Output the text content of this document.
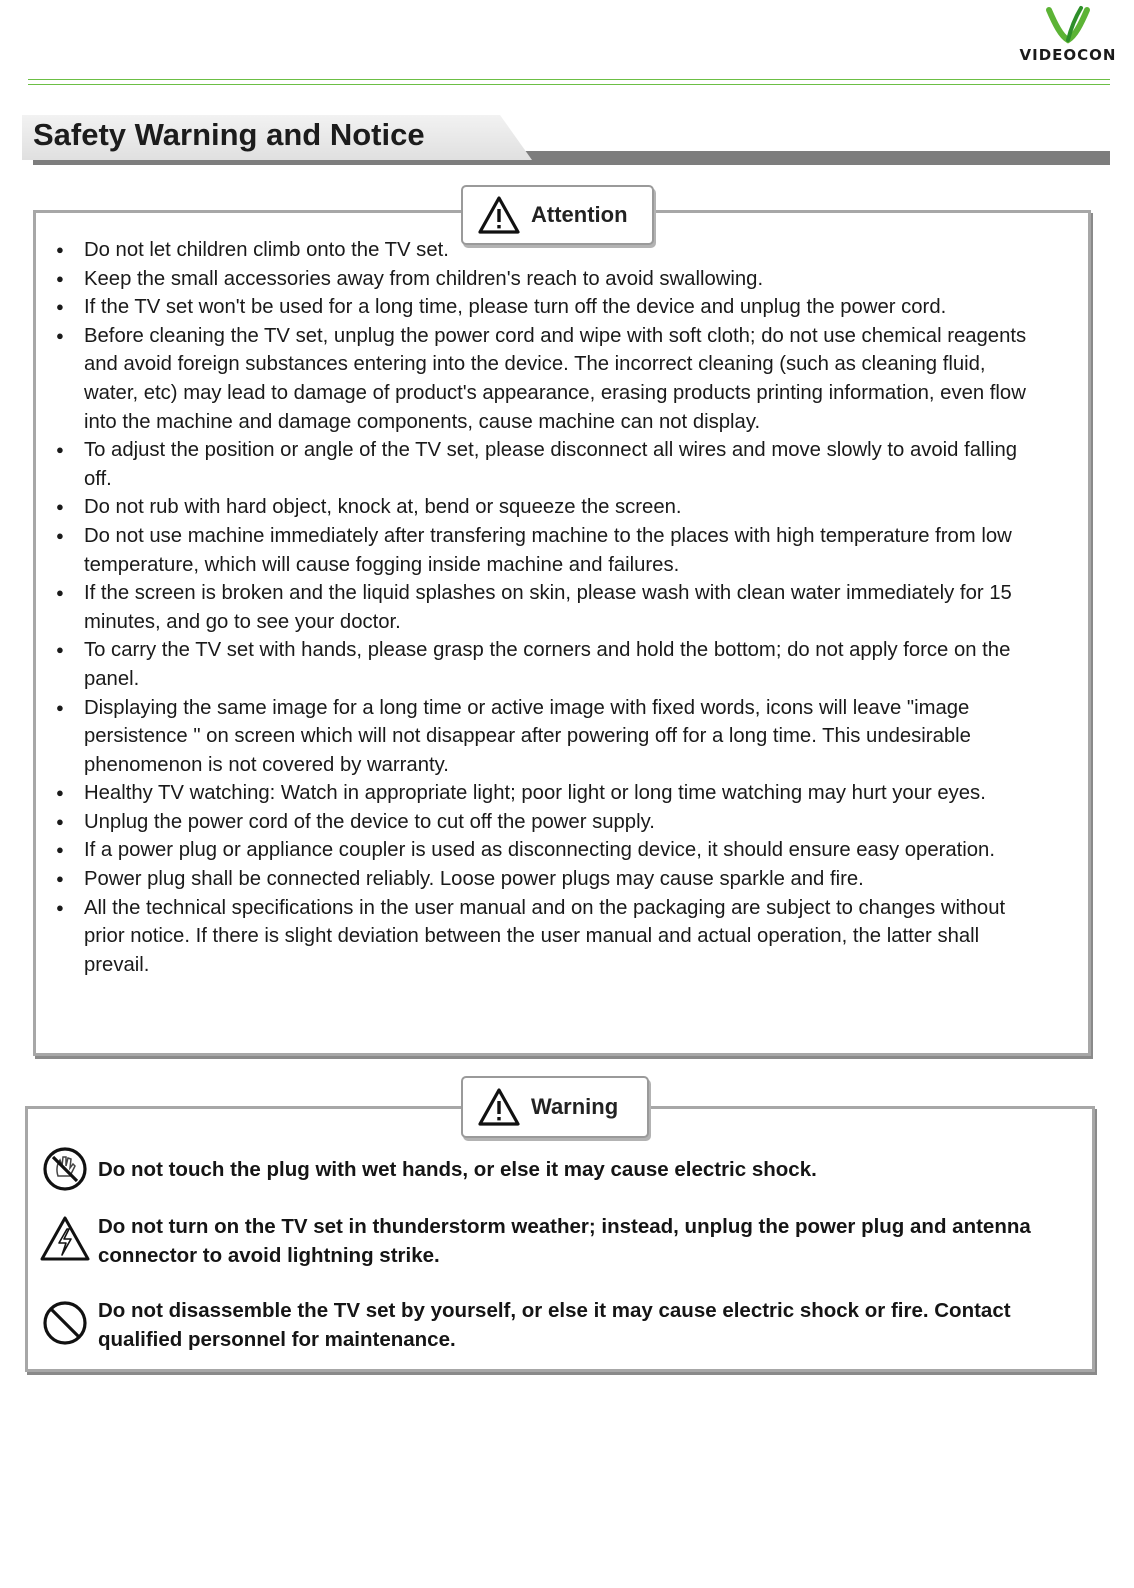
VIDEOCON
Safety Warning and Notice
Attention
● Do not let children climb onto the TV set.
● Keep the small accessories away from children's reach to avoid swallowing.
● If the TV set won't be used for a long time, please turn off the device and unplug the power cord.
● Before cleaning the TV set, unplug the power cord and wipe with soft cloth; do not use chemical reagents and avoid foreign substances entering into the device. The incorrect cleaning (such as cleaning fluid, water, etc) may lead to damage of product's appearance, erasing products printing information, even flow into the machine and damage components, cause machine can not display.
● To adjust the position or angle of the TV set, please disconnect all wires and move slowly to avoid falling off.
● Do not rub with hard object, knock at, bend or squeeze the screen.
● Do not use machine immediately after transfering machine to the places with high temperature from low temperature, which will cause fogging inside machine and failures.
● If the screen is broken and the liquid splashes on skin, please wash with clean water immediately for 15 minutes, and go to see your doctor.
● To carry the TV set with hands, please grasp the corners and hold the bottom; do not apply force on the panel.
● Displaying the same image for a long time or active image with fixed words, icons will leave "image persistence " on screen which will not disappear after powering off for a long time. This undesirable phenomenon is not covered by warranty.
● Healthy TV watching: Watch in appropriate light; poor light or long time watching may hurt your eyes.
● Unplug the power cord of the device to cut off the power supply.
● If a power plug or appliance coupler is used as disconnecting device, it should ensure easy operation.
● Power plug shall be connected reliably. Loose power plugs may cause sparkle and fire.
● All the technical specifications in the user manual and on the packaging are subject to changes without prior notice. If there is slight deviation between the user manual and actual operation, the latter shall prevail.
Warning
Do not touch the plug with wet hands, or else it may cause electric shock.
Do not turn on the TV set in thunderstorm weather; instead, unplug the power plug and antenna connector to avoid lightning strike.
Do not disassemble the TV set by yourself, or else it may cause electric shock or fire. Contact qualified personnel for maintenance.
